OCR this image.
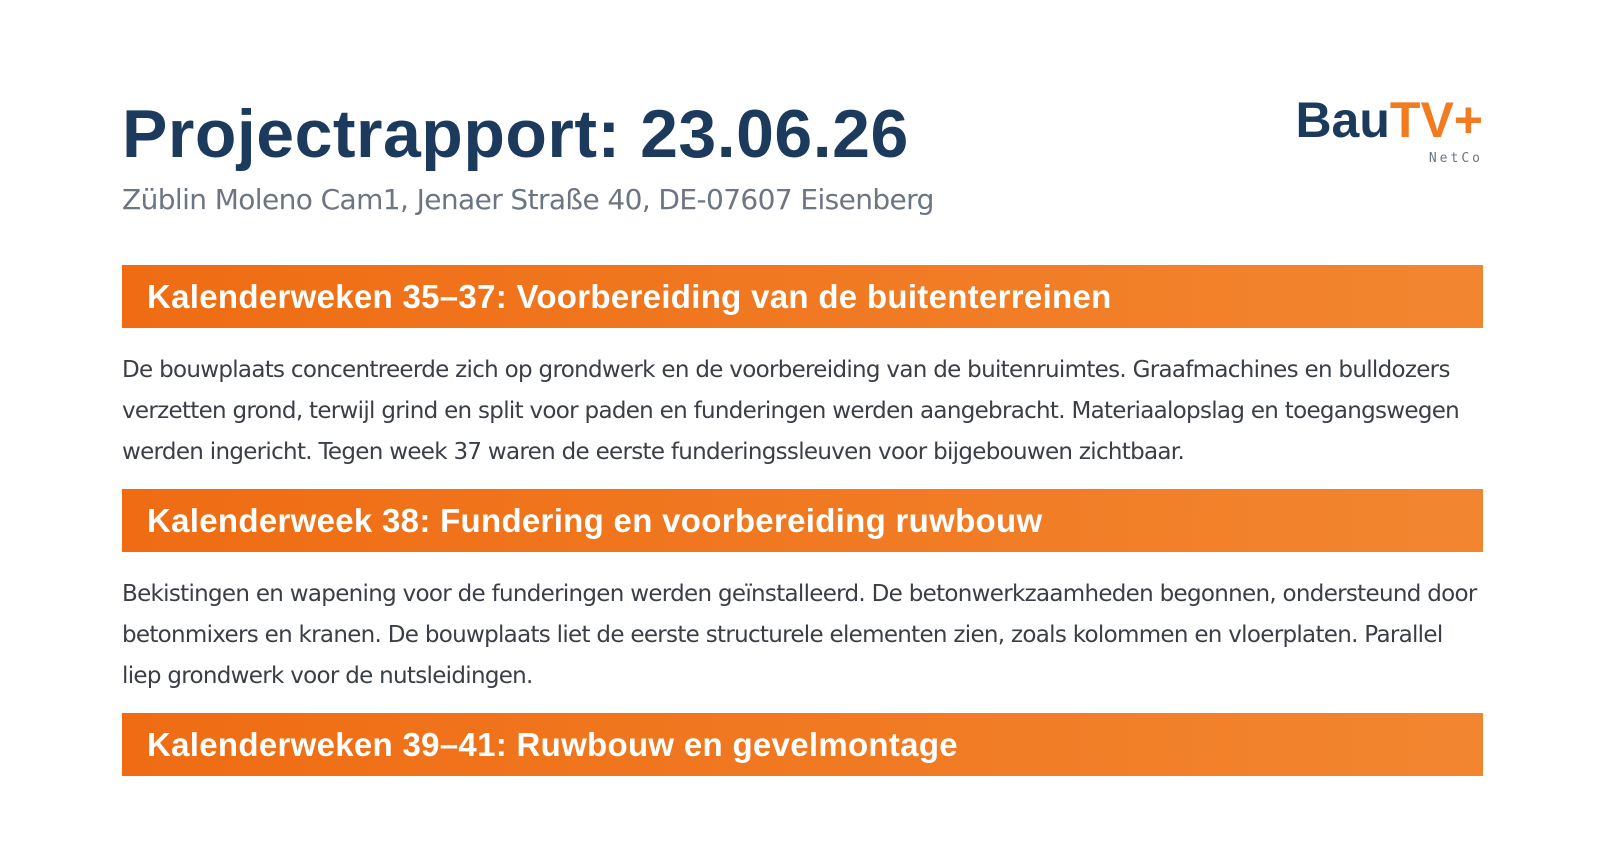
Projectrapport: 23.06.26

Züblin Moleno Cam1, Jenaer Straße 40, DE-07607 Eisenberg

BauTV+
NetCo
Kalenderweken 35–37: Voorbereiding van de buitenterreinen

De bouwplaats concentreerde zich op grondwerk en de voorbereiding van de buitenruimtes. Graafmachines en bulldozers verzetten grond, terwijl grind en split voor paden en funderingen werden aangebracht. Materiaalopslag en toegangswegen werden ingericht. Tegen week 37 waren de eerste funderingssleuven voor bijgebouwen zichtbaar.

Kalenderweek 38: Fundering en voorbereiding ruwbouw

Bekistingen en wapening voor de funderingen werden geïnstalleerd. De betonwerkzaamheden begonnen, ondersteund door betonmixers en kranen. De bouwplaats liet de eerste structurele elementen zien, zoals kolommen en vloerplaten. Parallel liep grondwerk voor de nutsleidingen.

Kalenderweken 39–41: Ruwbouw en gevelmontage
